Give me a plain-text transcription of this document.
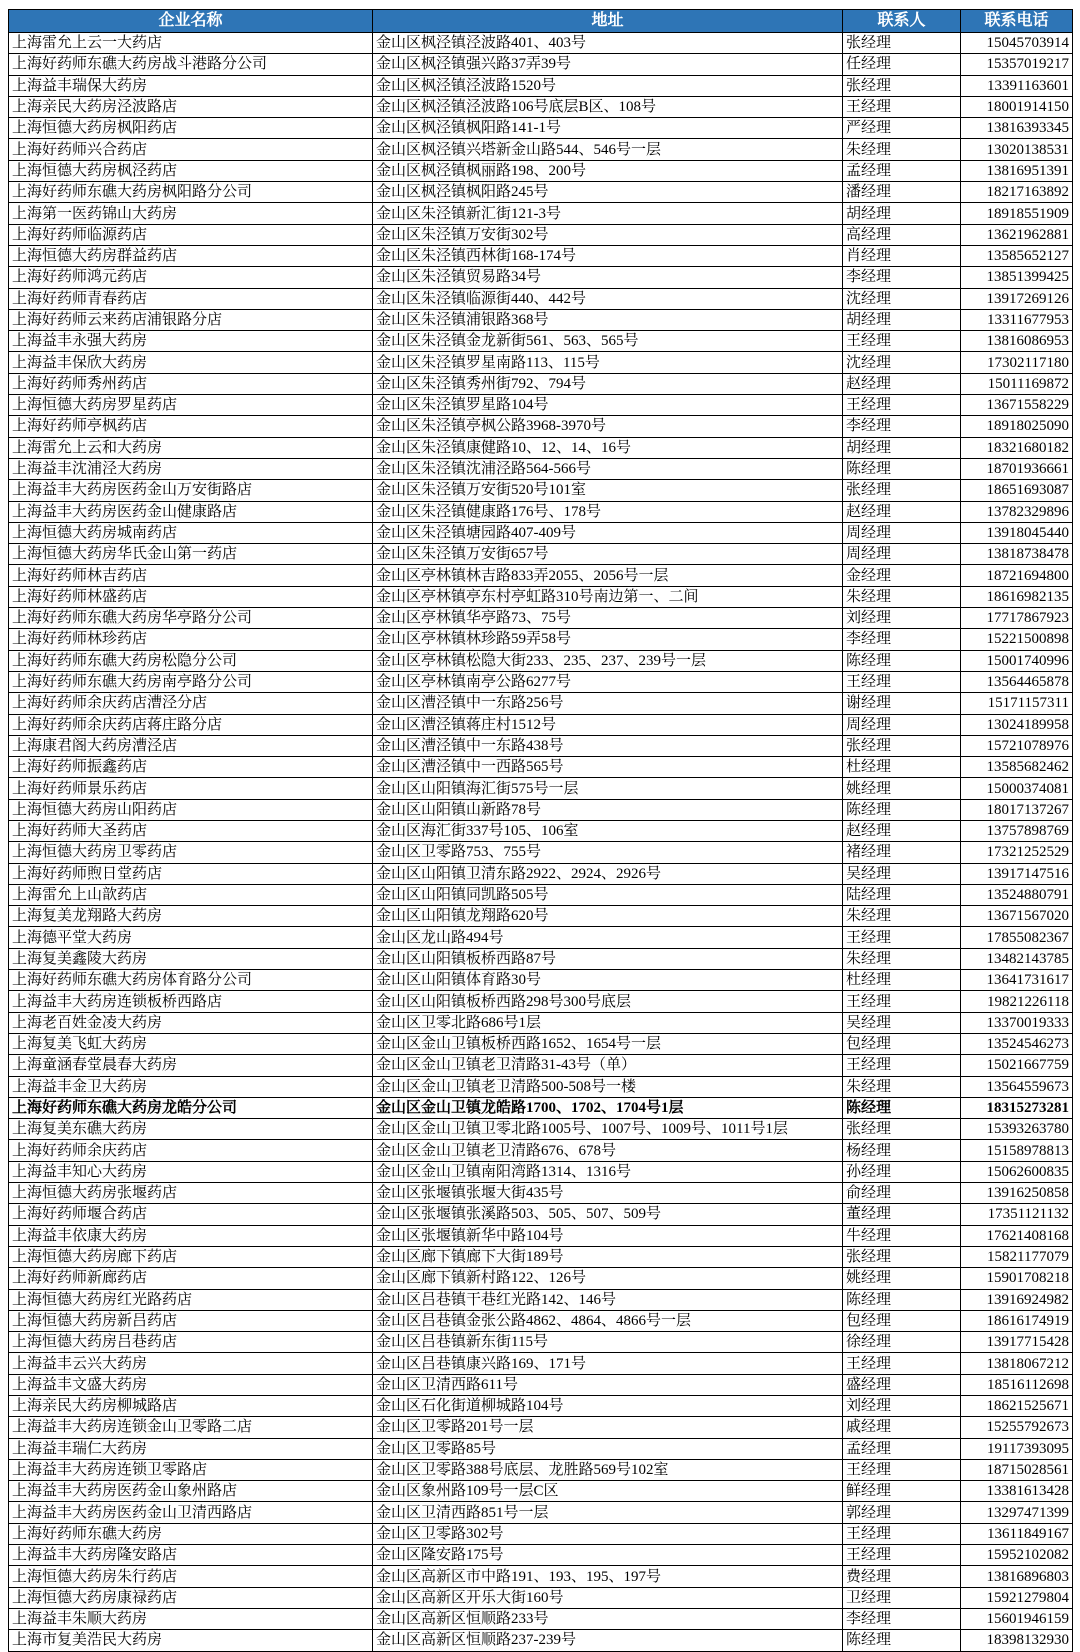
企业名称	地址	联系人	联系电话
上海雷允上云一大药店	金山区枫泾镇泾波路401、403号	张经理	15045703914
上海好药师东礁大药房战斗港路分公司	金山区枫泾镇强兴路37弄39号	任经理	15357019217
上海益丰瑞保大药房	金山区枫泾镇泾波路1520号	张经理	13391163601
上海亲民大药房泾波路店	金山区枫泾镇泾波路106号底层B区、108号	王经理	18001914150
上海恒德大药房枫阳药店	金山区枫泾镇枫阳路141-1号	严经理	13816393345
上海好药师兴合药店	金山区枫泾镇兴塔新金山路544、546号一层	朱经理	13020138531
上海恒德大药房枫泾药店	金山区枫泾镇枫丽路198、200号	孟经理	13816951391
上海好药师东礁大药房枫阳路分公司	金山区枫泾镇枫阳路245号	潘经理	18217163892
上海第一医药锦山大药房	金山区朱泾镇新汇街121-3号	胡经理	18918551909
上海好药师临源药店	金山区朱泾镇万安街302号	高经理	13621962881
上海恒德大药房群益药店	金山区朱泾镇西林街168-174号	肖经理	13585652127
上海好药师鸿元药店	金山区朱泾镇贸易路34号	李经理	13851399425
上海好药师青春药店	金山区朱泾镇临源街440、442号	沈经理	13917269126
上海好药师云来药店浦银路分店	金山区朱泾镇浦银路368号	胡经理	13311677953
上海益丰永强大药房	金山区朱泾镇金龙新街561、563、565号	王经理	13816086953
上海益丰保欣大药房	金山区朱泾镇罗星南路113、115号	沈经理	17302117180
上海好药师秀州药店	金山区朱泾镇秀州街792、794号	赵经理	15011169872
上海恒德大药房罗星药店	金山区朱泾镇罗星路104号	王经理	13671558229
上海好药师亭枫药店	金山区朱泾镇亭枫公路3968-3970号	李经理	18918025090
上海雷允上云和大药房	金山区朱泾镇康健路10、12、14、16号	胡经理	18321680182
上海益丰沈浦泾大药房	金山区朱泾镇沈浦泾路564-566号	陈经理	18701936661
上海益丰大药房医药金山万安街路店	金山区朱泾镇万安街520号101室	张经理	18651693087
上海益丰大药房医药金山健康路店	金山区朱泾镇健康路176号、178号	赵经理	13782329896
上海恒德大药房城南药店	金山区朱泾镇塘园路407-409号	周经理	13918045440
上海恒德大药房华氏金山第一药店	金山区朱泾镇万安街657号	周经理	13818738478
上海好药师林吉药店	金山区亭林镇林吉路833弄2055、2056号一层	金经理	18721694800
上海好药师林盛药店	金山区亭林镇亭东村亭虹路310号南边第一、二间	朱经理	18616982135
上海好药师东礁大药房华亭路分公司	金山区亭林镇华亭路73、75号	刘经理	17717867923
上海好药师林珍药店	金山区亭林镇林珍路59弄58号	李经理	15221500898
上海好药师东礁大药房松隐分公司	金山区亭林镇松隐大街233、235、237、239号一层	陈经理	15001740996
上海好药师东礁大药房南亭路分公司	金山区亭林镇南亭公路6277号	王经理	13564465878
上海好药师余庆药店漕泾分店	金山区漕泾镇中一东路256号	谢经理	15171157311
上海好药师余庆药店蒋庄路分店	金山区漕泾镇蒋庄村1512号	周经理	13024189958
上海康君阁大药房漕泾店	金山区漕泾镇中一东路438号	张经理	15721078976
上海好药师振鑫药店	金山区漕泾镇中一西路565号	杜经理	13585682462
上海好药师景乐药店	金山区山阳镇海汇街575号一层	姚经理	15000374081
上海恒德大药房山阳药店	金山区山阳镇山新路78号	陈经理	18017137267
上海好药师大圣药店	金山区海汇街337号105、106室	赵经理	13757898769
上海恒德大药房卫零药店	金山区卫零路753、755号	褚经理	17321252529
上海好药师煦日堂药店	金山区山阳镇卫清东路2922、2924、2926号	吴经理	13917147516
上海雷允上山歆药店	金山区山阳镇同凯路505号	陆经理	13524880791
上海复美龙翔路大药房	金山区山阳镇龙翔路620号	朱经理	13671567020
上海德平堂大药房	金山区龙山路494号	王经理	17855082367
上海复美鑫陵大药房	金山区山阳镇板桥西路87号	朱经理	13482143785
上海好药师东礁大药房体育路分公司	金山区山阳镇体育路30号	杜经理	13641731617
上海益丰大药房连锁板桥西路店	金山区山阳镇板桥西路298号300号底层	王经理	19821226118
上海老百姓金凌大药房	金山区卫零北路686号1层	吴经理	13370019333
上海复美飞虹大药房	金山区金山卫镇板桥西路1652、1654号一层	包经理	13524546273
上海童涵春堂晨春大药房	金山区金山卫镇老卫清路31-43号（单）	王经理	15021667759
上海益丰金卫大药房	金山区金山卫镇老卫清路500-508号一楼	朱经理	13564559673
上海好药师东礁大药房龙皓分公司	金山区金山卫镇龙皓路1700、1702、1704号1层	陈经理	18315273281
上海复美东礁大药房	金山区金山卫镇卫零北路1005号、1007号、1009号、1011号1层	张经理	15393263780
上海好药师余庆药店	金山区金山卫镇老卫清路676、678号	杨经理	15158978813
上海益丰知心大药房	金山区金山卫镇南阳湾路1314、1316号	孙经理	15062600835
上海恒德大药房张堰药店	金山区张堰镇张堰大街435号	俞经理	13916250858
上海好药师堰合药店	金山区张堰镇张溪路503、505、507、509号	董经理	17351121132
上海益丰依康大药房	金山区张堰镇新华中路104号	牛经理	17621408168
上海恒德大药房廊下药店	金山区廊下镇廊下大街189号	张经理	15821177079
上海好药师新廊药店	金山区廊下镇新村路122、126号	姚经理	15901708218
上海恒德大药房红光路药店	金山区吕巷镇干巷红光路142、146号	陈经理	13916924982
上海恒德大药房新吕药店	金山区吕巷镇金张公路4862、4864、4866号一层	包经理	18616174919
上海恒德大药房吕巷药店	金山区吕巷镇新东街115号	徐经理	13917715428
上海益丰云兴大药房	金山区吕巷镇康兴路169、171号	王经理	13818067212
上海益丰文盛大药房	金山区卫清西路611号	盛经理	18516112698
上海亲民大药房柳城路店	金山区石化街道柳城路104号	刘经理	18621525671
上海益丰大药房连锁金山卫零路二店	金山区卫零路201号一层	戚经理	15255792673
上海益丰瑞仁大药房	金山区卫零路85号	孟经理	19117393095
上海益丰大药房连锁卫零路店	金山区卫零路388号底层、龙胜路569号102室	王经理	18715028561
上海益丰大药房医药金山象州路店	金山区象州路109号一层C区	鲜经理	13381613428
上海益丰大药房医药金山卫清西路店	金山区卫清西路851号一层	郭经理	13297471399
上海好药师东礁大药房	金山区卫零路302号	王经理	13611849167
上海益丰大药房隆安路店	金山区隆安路175号	王经理	15952102082
上海恒德大药房朱行药店	金山区高新区市中路191、193、195、197号	费经理	13816896803
上海恒德大药房康禄药店	金山区高新区开乐大街160号	卫经理	15921279804
上海益丰朱顺大药房	金山区高新区恒顺路233号	李经理	15601946159
上海市复美浩民大药房	金山区高新区恒顺路237-239号	陈经理	18398132930
